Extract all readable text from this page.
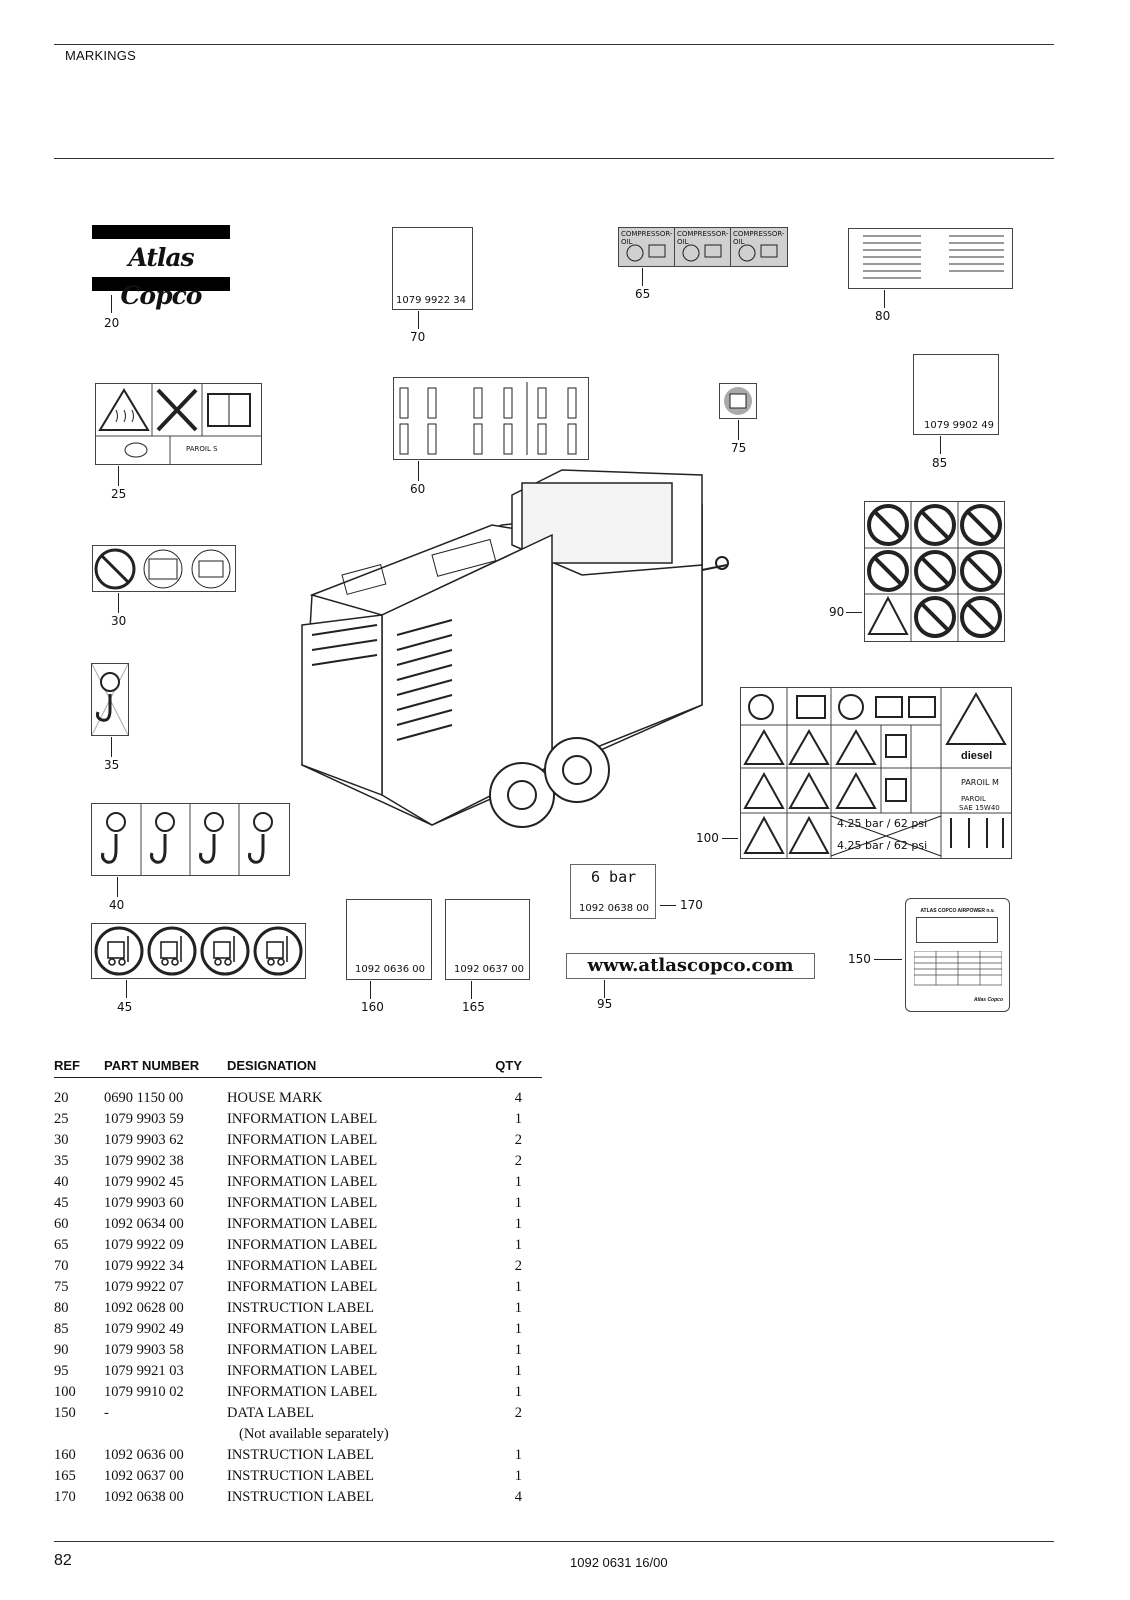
MARKINGS
Atlas Copco
20
1079 9922 34
70
COMPRESSOR-OIL
COMPRESSOR-OIL
COMPRESSOR-OIL
65
80
1079 9902 49
85
PAROIL S
25	60
75
30
90
35
diesel
PAROIL M
PAROIL
SAE 15W40
4.25 bar / 62 psi
4.25 bar / 62 psi
100
40
6 bar
1092 0638 00	170	ATLAS COPCO AIRPOWER n.v.
Atlas Copco
150
45
1092 0636 00
160
1092 0637 00
165
www.atlascopco.com
95
REF	PART NUMBER	DESIGNATION	QTY

20	0690 1150 00	HOUSE MARK	4
25	1079 9903 59	INFORMATION LABEL	1
30	1079 9903 62	INFORMATION LABEL	2
35	1079 9902 38	INFORMATION LABEL	2
40	1079 9902 45	INFORMATION LABEL	1
45	1079 9903 60	INFORMATION LABEL	1
60	1092 0634 00	INFORMATION LABEL	1
65	1079 9922 09	INFORMATION LABEL	1
70	1079 9922 34	INFORMATION LABEL	2
75	1079 9922 07	INFORMATION LABEL	1
80	1092 0628 00	INSTRUCTION LABEL	1
85	1079 9902 49	INFORMATION LABEL	1
90	1079 9903 58	INFORMATION LABEL	1
95	1079 9921 03	INFORMATION LABEL	1
100	1079 9910 02	INFORMATION LABEL	1
150	-	DATA LABEL	2
		(Not available separately)	
160	1092 0636 00	INSTRUCTION LABEL	1
165	1092 0637 00	INSTRUCTION LABEL	1
170	1092 0638 00	INSTRUCTION LABEL	4
82	1092 0631 16/00
